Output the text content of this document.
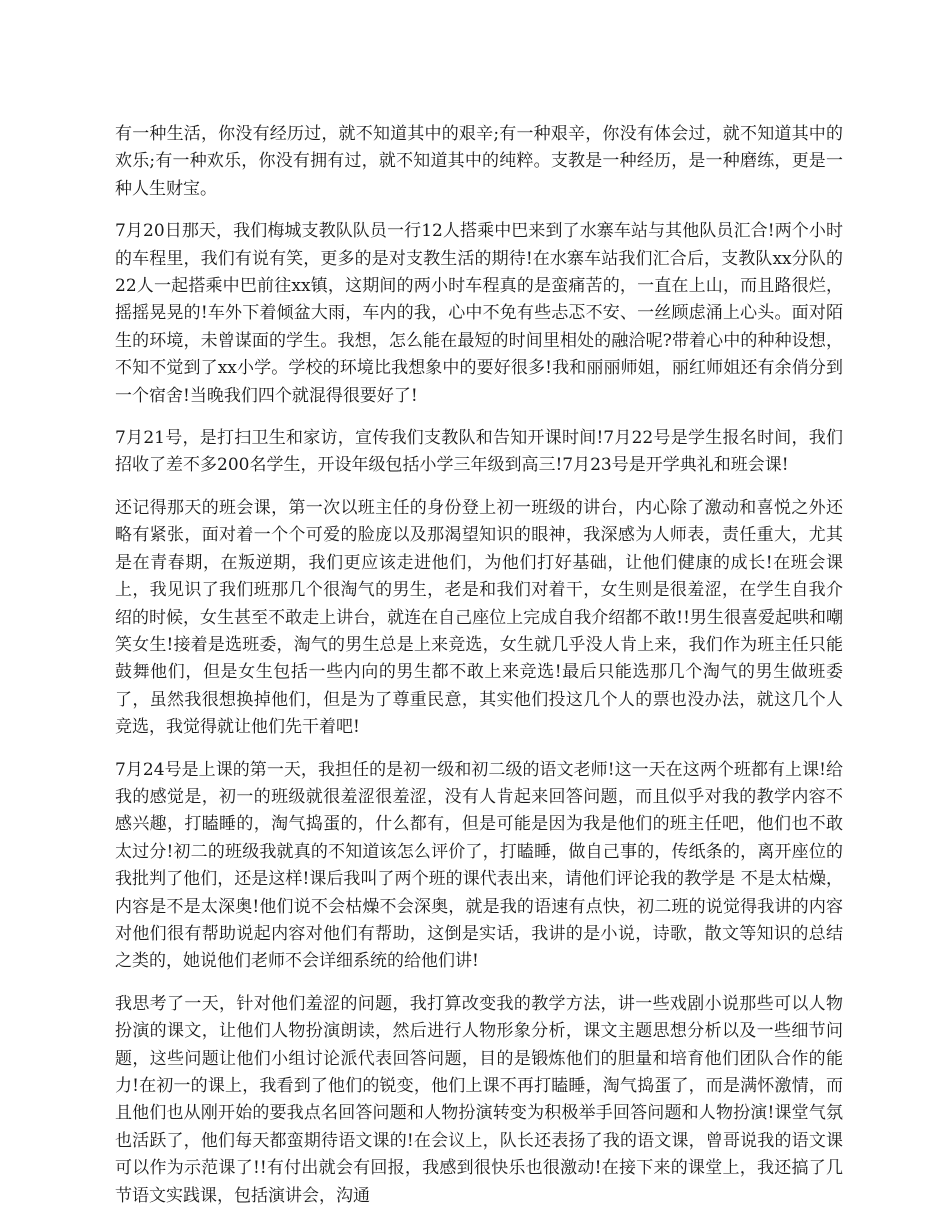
有一种生活，你没有经历过，就不知道其中的艰辛;有一种艰辛，你没有体会过，就不知道其中的欢乐;有一种欢乐，你没有拥有过，就不知道其中的纯粹。支教是一种经历，是一种磨练，更是一种人生财宝。

7月20日那天，我们梅城支教队队员一行12人搭乘中巴来到了水寨车站与其他队员汇合!两个小时的车程里，我们有说有笑，更多的是对支教生活的期待!在水寨车站我们汇合后，支教队xx分队的22人一起搭乘中巴前往xx镇，这期间的两小时车程真的是蛮痛苦的，一直在上山，而且路很烂，摇摇晃晃的!车外下着倾盆大雨，车内的我，心中不免有些忐忑不安、一丝顾虑涌上心头。面对陌生的环境，未曾谋面的学生。我想，怎么能在最短的时间里相处的融洽呢?带着心中的种种设想，不知不觉到了xx小学。学校的环境比我想象中的要好很多!我和丽丽师姐，丽红师姐还有余俏分到一个宿舍!当晚我们四个就混得很要好了!

7月21号，是打扫卫生和家访，宣传我们支教队和告知开课时间!7月22号是学生报名时间，我们招收了差不多200名学生，开设年级包括小学三年级到高三!7月23号是开学典礼和班会课!

还记得那天的班会课，第一次以班主任的身份登上初一班级的讲台，内心除了激动和喜悦之外还略有紧张，面对着一个个可爱的脸庞以及那渴望知识的眼神，我深感为人师表，责任重大，尤其是在青春期，在叛逆期，我们更应该走进他们，为他们打好基础，让他们健康的成长!在班会课上，我见识了我们班那几个很淘气的男生，老是和我们对着干，女生则是很羞涩，在学生自我介绍的时候，女生甚至不敢走上讲台，就连在自己座位上完成自我介绍都不敢!!男生很喜爱起哄和嘲笑女生!接着是选班委，淘气的男生总是上来竞选，女生就几乎没人肯上来，我们作为班主任只能鼓舞他们，但是女生包括一些内向的男生都不敢上来竞选!最后只能选那几个淘气的男生做班委了，虽然我很想换掉他们，但是为了尊重民意，其实他们投这几个人的票也没办法，就这几个人竞选，我觉得就让他们先干着吧!

7月24号是上课的第一天，我担任的是初一级和初二级的语文老师!这一天在这两个班都有上课!给我的感觉是，初一的班级就很羞涩很羞涩，没有人肯起来回答问题，而且似乎对我的教学内容不感兴趣，打瞌睡的，淘气捣蛋的，什么都有，但是可能是因为我是他们的班主任吧，他们也不敢太过分!初二的班级我就真的不知道该怎么评价了，打瞌睡，做自己事的，传纸条的，离开座位的我批判了他们，还是这样!课后我叫了两个班的课代表出来，请他们评论我的教学是 不是太枯燥，内容是不是太深奥!他们说不会枯燥不会深奥，就是我的语速有点快，初二班的说觉得我讲的内容对他们很有帮助说起内容对他们有帮助，这倒是实话，我讲的是小说，诗歌，散文等知识的总结之类的，她说他们老师不会详细系统的给他们讲!

我思考了一天，针对他们羞涩的问题，我打算改变我的教学方法，讲一些戏剧小说那些可以人物扮演的课文，让他们人物扮演朗读，然后进行人物形象分析，课文主题思想分析以及一些细节问题，这些问题让他们小组讨论派代表回答问题，目的是锻炼他们的胆量和培育他们团队合作的能力!在初一的课上，我看到了他们的锐变，他们上课不再打瞌睡，淘气捣蛋了，而是满怀激情，而且他们也从刚开始的要我点名回答问题和人物扮演转变为积极举手回答问题和人物扮演!课堂气氛也活跃了，他们每天都蛮期待语文课的!在会议上，队长还表扬了我的语文课，曾哥说我的语文课可以作为示范课了!!有付出就会有回报，我感到很快乐也很激动!在接下来的课堂上，我还搞了几节语文实践课，包括演讲会，沟通
